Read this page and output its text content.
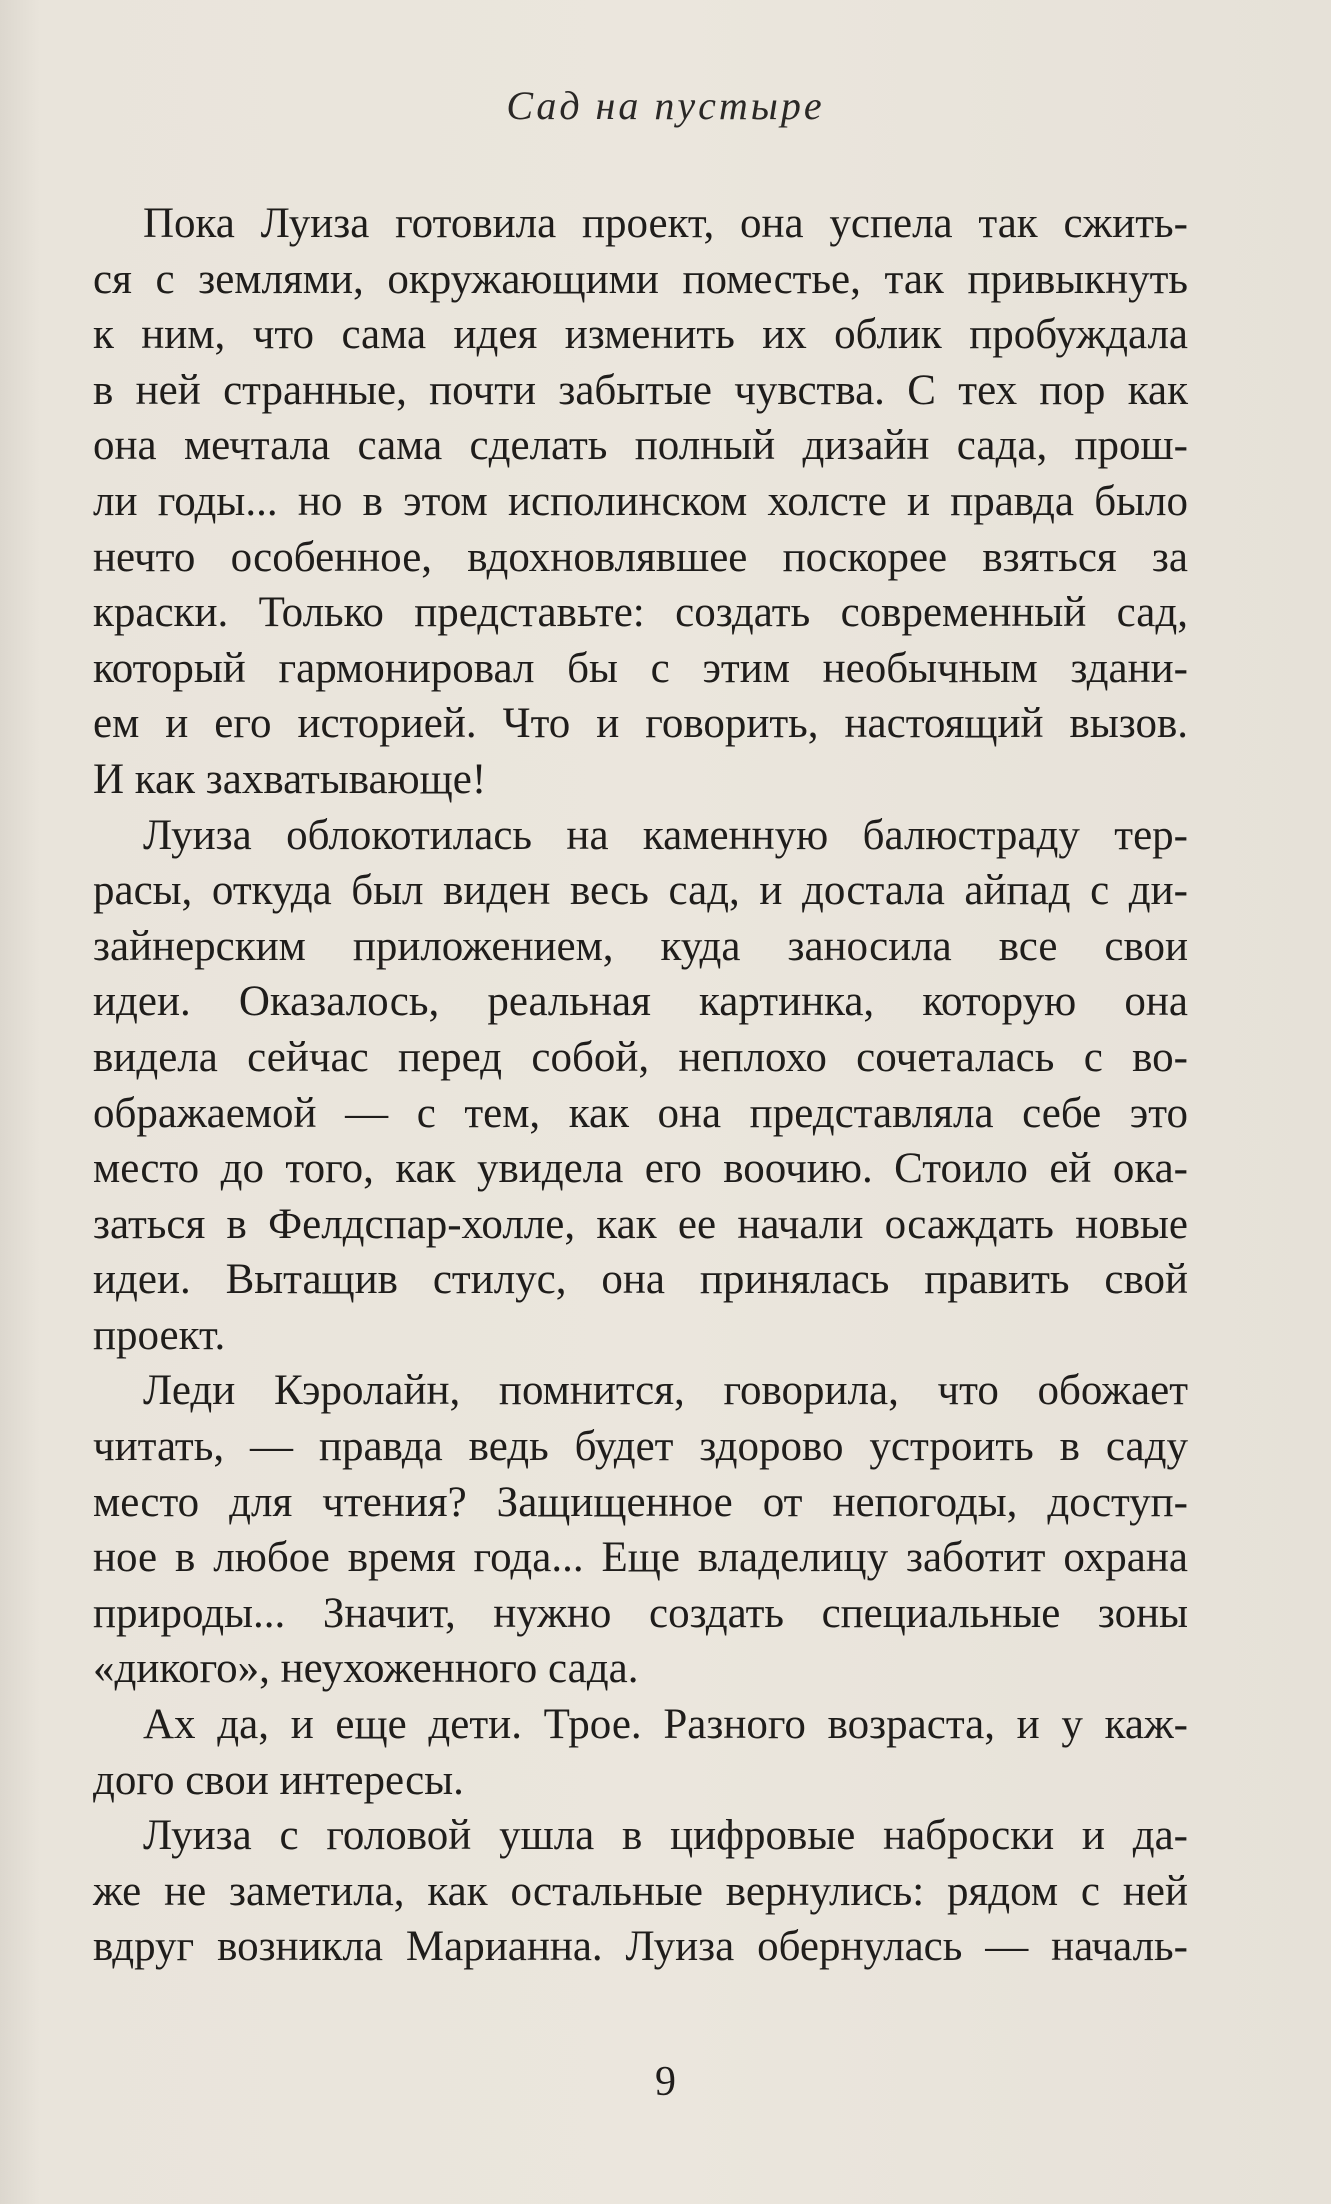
Сад на пустыре
Пока Луиза готовила проект, она успела так сжить-
ся с землями, окружающими поместье, так привыкнуть
к ним, что сама идея изменить их облик пробуждала
в ней странные, почти забытые чувства. С тех пор как
она мечтала сама сделать полный дизайн сада, прош-
ли годы... но в этом исполинском холсте и правда было
нечто особенное, вдохновлявшее поскорее взяться за
краски. Только представьте: создать современный сад,
который гармонировал бы с этим необычным здани-
ем и его историей. Что и говорить, настоящий вызов.
И как захватывающе!
Луиза облокотилась на каменную балюстраду тер-
расы, откуда был виден весь сад, и достала айпад с ди-
зайнерским приложением, куда заносила все свои
идеи. Оказалось, реальная картинка, которую она
видела сейчас перед собой, неплохо сочеталась с во-
ображаемой — с тем, как она представляла себе это
место до того, как увидела его воочию. Стоило ей ока-
заться в Фелдспар-холле, как ее начали осаждать новые
идеи. Вытащив стилус, она принялась править свой
проект.
Леди Кэролайн, помнится, говорила, что обожает
читать, — правда ведь будет здорово устроить в саду
место для чтения? Защищенное от непогоды, доступ-
ное в любое время года... Еще владелицу заботит охрана
природы... Значит, нужно создать специальные зоны
«дикого», неухоженного сада.
Ах да, и еще дети. Трое. Разного возраста, и у каж-
дого свои интересы.
Луиза с головой ушла в цифровые наброски и да-
же не заметила, как остальные вернулись: рядом с ней
вдруг возникла Марианна. Луиза обернулась — началь-
9
